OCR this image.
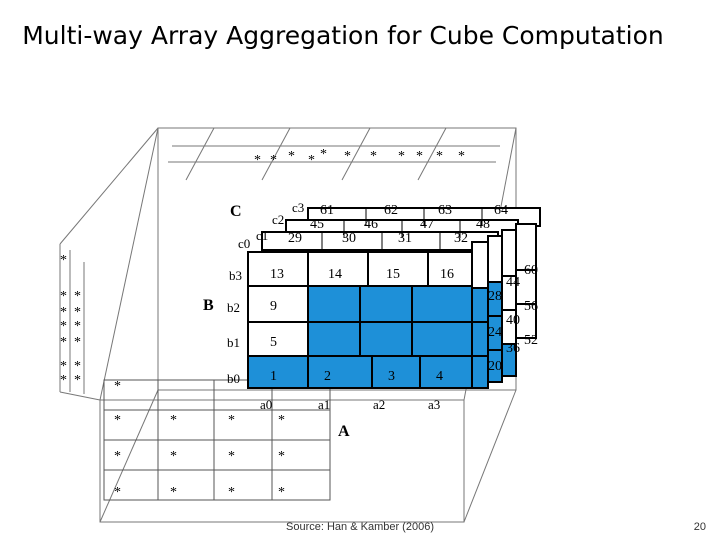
Multi-way Array Aggregation for Cube Computation
* * * * * * * * * * *
*
* *
* *
* *
* *
* *
* * *
*	*	*	*
*	*	*	*
*	*	*	*
C
B
A
b0
b1
b2
b3
a0	a1	a2	a3
c0
c1
c2
c3
13	14	15	16
9
5
1	2	3	4
29	30	31	32
45	46	47	48
61	62	63	64
60
44
28
56
40
24
52
36
20
Source: Han & Kamber (2006)	20
